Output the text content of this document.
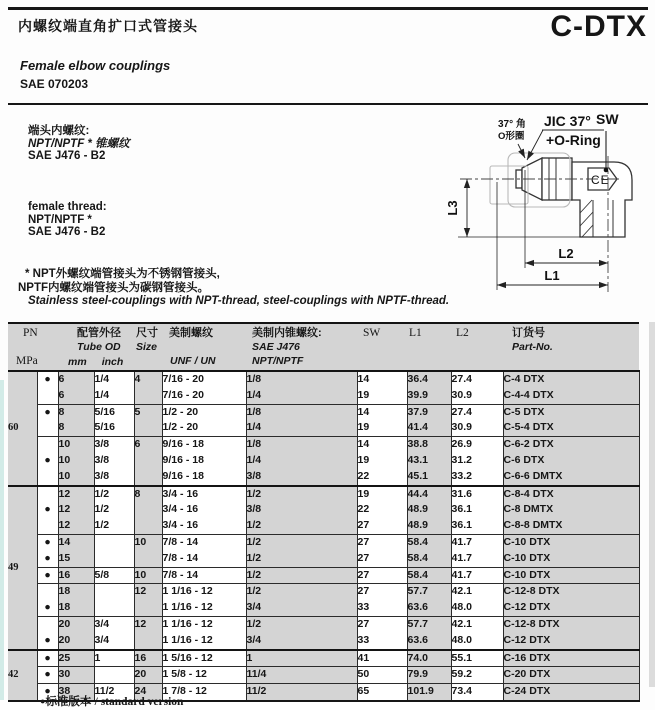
内螺纹端直角扩口式管接头	C-DTX
Female elbow couplings
SAE 070203
端头内螺纹:
NPT/NPTF * 锥螺纹
SAE J476 - B2
female thread:
NPT/NPTF *
SAE J476 - B2
* NPT外螺纹端管接头为不锈钢管接头,
NPTF内螺纹端管接头为碳钢管接头。
Stainless steel-couplings with NPT-thread, steel-couplings with NPTF-thread.
CE
37° 角
O形圈
JIC 37°
+O-Ring
SW
L1
L2
L3
PN
MPa

配管外径
Tube OD
mm inch

尺寸
Size

美制螺纹
UNF / UN

美制内锥螺纹:
SAE J476
NPT/NPTF

SW	L1	L2	订货号
Part-No.

60	●	6	1/4	4	7/16 - 20	1/8	14	36.4	27.4	C-4 DTX
		6	1/4		7/16 - 20	1/4	19	39.9	30.9	C-4-4 DTX
	●	8	5/16	5	1/2 - 20	1/8	14	37.9	27.4	C-5 DTX
		8	5/16		1/2 - 20	1/4	19	41.4	30.9	C-5-4 DTX
		10	3/8	6	9/16 - 18	1/8	14	38.8	26.9	C-6-2 DTX
	●	10	3/8		9/16 - 18	1/4	19	43.1	31.2	C-6 DTX
		10	3/8		9/16 - 18	3/8	22	45.1	33.2	C-6-6 DMTX
49		12	1/2	8	3/4 - 16	1/2	19	44.4	31.6	C-8-4 DTX
	●	12	1/2		3/4 - 16	3/8	22	48.9	36.1	C-8 DMTX
		12	1/2		3/4 - 16	1/2	27	48.9	36.1	C-8-8 DMTX
	●	14		10	7/8 - 14	1/2	27	58.4	41.7	C-10 DTX
	●	15			7/8 - 14	1/2	27	58.4	41.7	C-10 DTX
	●	16	5/8	10	7/8 - 14	1/2	27	58.4	41.7	C-10 DTX
		18		12	1 1/16 - 12	1/2	27	57.7	42.1	C-12-8 DTX
	●	18			1 1/16 - 12	3/4	33	63.6	48.0	C-12 DTX
		20	3/4	12	1 1/16 - 12	1/2	27	57.7	42.1	C-12-8 DTX
	●	20	3/4		1 1/16 - 12	3/4	33	63.6	48.0	C-12 DTX
42	●	25	1	16	1 5/16 - 12	1	41	74.0	55.1	C-16 DTX
	●	30		20	1 5/8 - 12	11/4	50	79.9	59.2	C-20 DTX
	●	38	11/2	24	1 7/8 - 12	11/2	65	101.9	73.4	C-24 DTX
●标准版本 / standard version
